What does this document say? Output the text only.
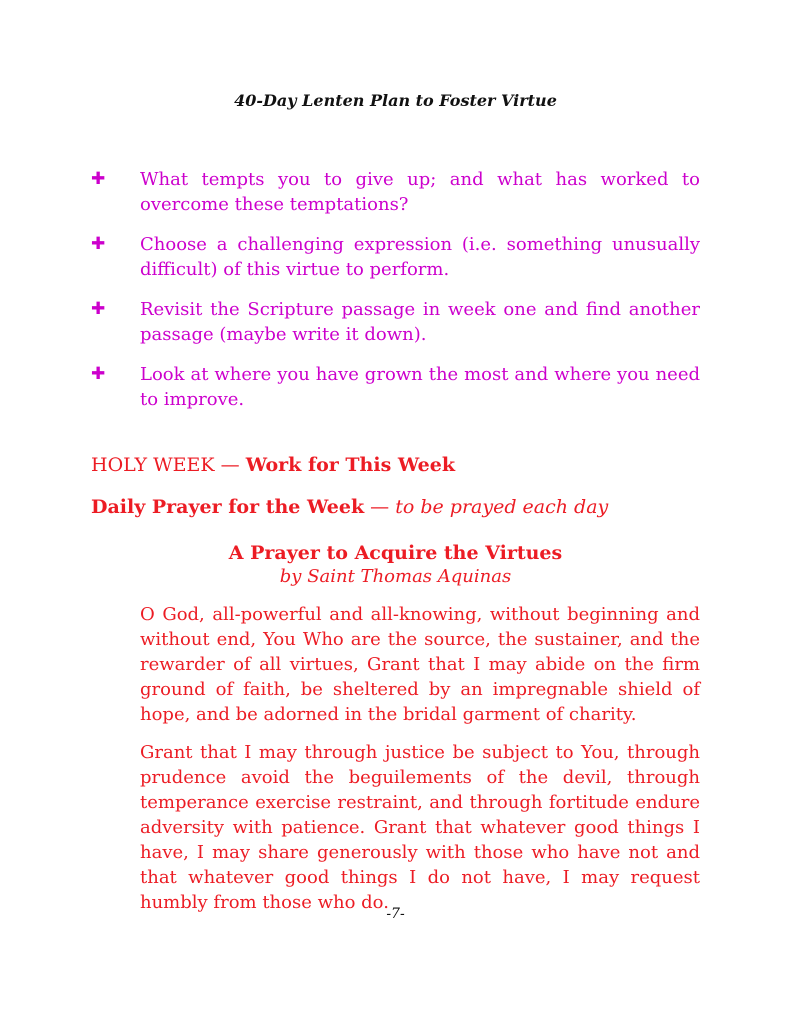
40-Day Lenten Plan to Foster Virtue
✚	What tempts you to give up; and what has worked to overcome these temptations?
✚	Choose a challenging expression (i.e. something unusually difficult) of this virtue to perform.
✚	Revisit the Scripture passage in week one and find another passage (maybe write it down).
✚	Look at where you have grown the most and where you need to improve.
HOLY WEEK — Work for This Week
Daily Prayer for the Week — to be prayed each day
A Prayer to Acquire the Virtues
by Saint Thomas Aquinas

O God, all-powerful and all-knowing, without beginning and without end, You Who are the source, the sustainer, and the rewarder of all virtues, Grant that I may abide on the firm ground of faith, be sheltered by an impregnable shield of hope, and be adorned in the bridal garment of charity.

Grant that I may through justice be subject to You, through prudence avoid the beguilements of the devil, through temperance exercise restraint, and through fortitude endure adversity with patience. Grant that whatever good things I have, I may share generously with those who have not and that whatever good things I do not have, I may request humbly from those who do.

-7-
